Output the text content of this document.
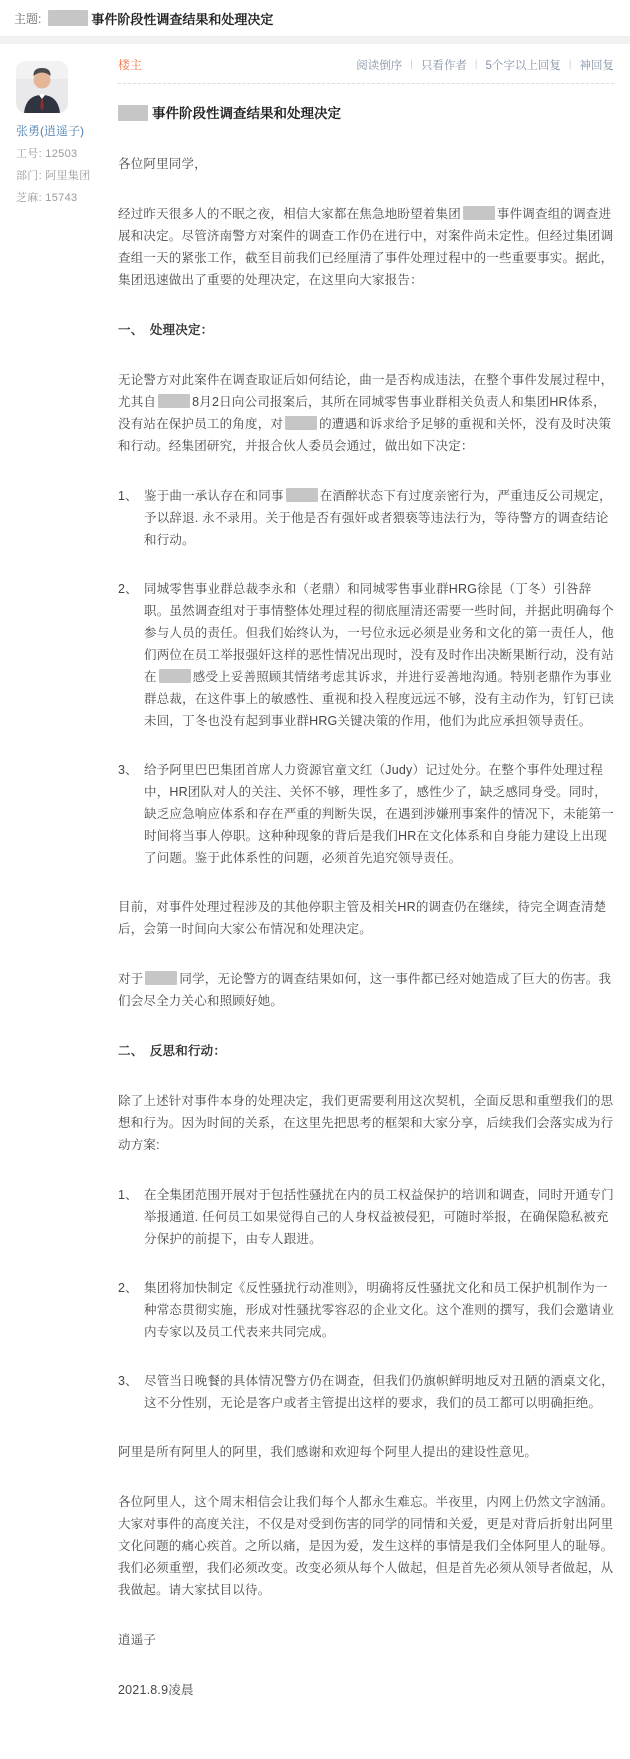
主题:	事件阶段性调查结果和处理决定
张勇(逍遥子)
工号: 12503
部门: 阿里集团
芝麻: 15743
楼主	阅读倒序 | 只看作者 | 5个字以上回复 | 神回复
事件阶段性调查结果和处理决定
各位阿里同学，
经过昨天很多人的不眠之夜，相信大家都在焦急地盼望着集团	事件调查组的调查进展和决定。尽管济南警方对案件的调查工作仍在进行中，对案件尚未定性。但经过集团调查组一天的紧张工作，截至目前我们已经厘清了事件处理过程中的一些重要事实。据此，集团迅速做出了重要的处理决定，在这里向大家报告：
一、　处理决定：
无论警方对此案件在调查取证后如何结论，曲一是否构成违法，在整个事件发展过程中，尤其自	8月2日向公司报案后，其所在同城零售事业群相关负责人和集团HR体系，没有站在保护员工的角度，对	的遭遇和诉求给予足够的重视和关怀，没有及时决策和行动。经集团研究，并报合伙人委员会通过，做出如下决定：
1、 鉴于曲一承认存在和同事	在酒醉状态下有过度亲密行为，严重违反公司规定，予以辞退. 永不录用。关于他是否有强奸或者猥亵等违法行为，等待警方的调查结论和行动。
2、 同城零售事业群总裁李永和（老鼎）和同城零售事业群HRG徐昆（丁冬）引咎辞职。虽然调查组对于事情整体处理过程的彻底厘清还需要一些时间，并据此明确每个参与人员的责任。但我们始终认为，一号位永远必须是业务和文化的第一责任人，他们两位在员工举报强奸这样的恶性情况出现时，没有及时作出决断果断行动，没有站在	感受上妥善照顾其情绪考虑其诉求，并进行妥善地沟通。特别老鼎作为事业群总裁，在这件事上的敏感性、重视和投入程度远远不够，没有主动作为，钉钉已读未回，丁冬也没有起到事业群HRG关键决策的作用，他们为此应承担领导责任。
3、 给予阿里巴巴集团首席人力资源官童文红（Judy）记过处分。在整个事件处理过程中，HR团队对人的关注、关怀不够，理性多了，感性少了，缺乏感同身受。同时，缺乏应急响应体系和存在严重的判断失误，在遇到涉嫌刑事案件的情况下，未能第一时间将当事人停职。这种种现象的背后是我们HR在文化体系和自身能力建设上出现了问题。鉴于此体系性的问题，必须首先追究领导责任。
目前，对事件处理过程涉及的其他停职主管及相关HR的调查仍在继续，待完全调查清楚后，会第一时间向大家公布情况和处理决定。
对于	同学，无论警方的调查结果如何，这一事件都已经对她造成了巨大的伤害。我们会尽全力关心和照顾好她。
二、　反思和行动：
除了上述针对事件本身的处理决定，我们更需要利用这次契机，全面反思和重塑我们的思想和行为。因为时间的关系，在这里先把思考的框架和大家分享，后续我们会落实成为行动方案:
1、 在全集团范围开展对于包括性骚扰在内的员工权益保护的培训和调查，同时开通专门举报通道. 任何员工如果觉得自己的人身权益被侵犯，可随时举报，在确保隐私被充分保护的前提下，由专人跟进。
2、 集团将加快制定《反性骚扰行动准则》，明确将反性骚扰文化和员工保护机制作为一种常态贯彻实施，形成对性骚扰零容忍的企业文化。这个准则的撰写，我们会邀请业内专家以及员工代表来共同完成。
3、 尽管当日晚餐的具体情况警方仍在调查，但我们仍旗帜鲜明地反对丑陋的酒桌文化，这不分性别，无论是客户或者主管提出这样的要求，我们的员工都可以明确拒绝。
阿里是所有阿里人的阿里，我们感谢和欢迎每个阿里人提出的建设性意见。
各位阿里人，这个周末相信会让我们每个人都永生难忘。半夜里，内网上仍然文字汹涌。大家对事件的高度关注，不仅是对受到伤害的同学的同情和关爱，更是对背后折射出阿里文化问题的痛心疾首。之所以痛，是因为爱，发生这样的事情是我们全体阿里人的耻辱。我们必须重塑，我们必须改变。改变必须从每个人做起，但是首先必须从领导者做起，从我做起。请大家拭目以待。
逍遥子
2021.8.9凌晨
